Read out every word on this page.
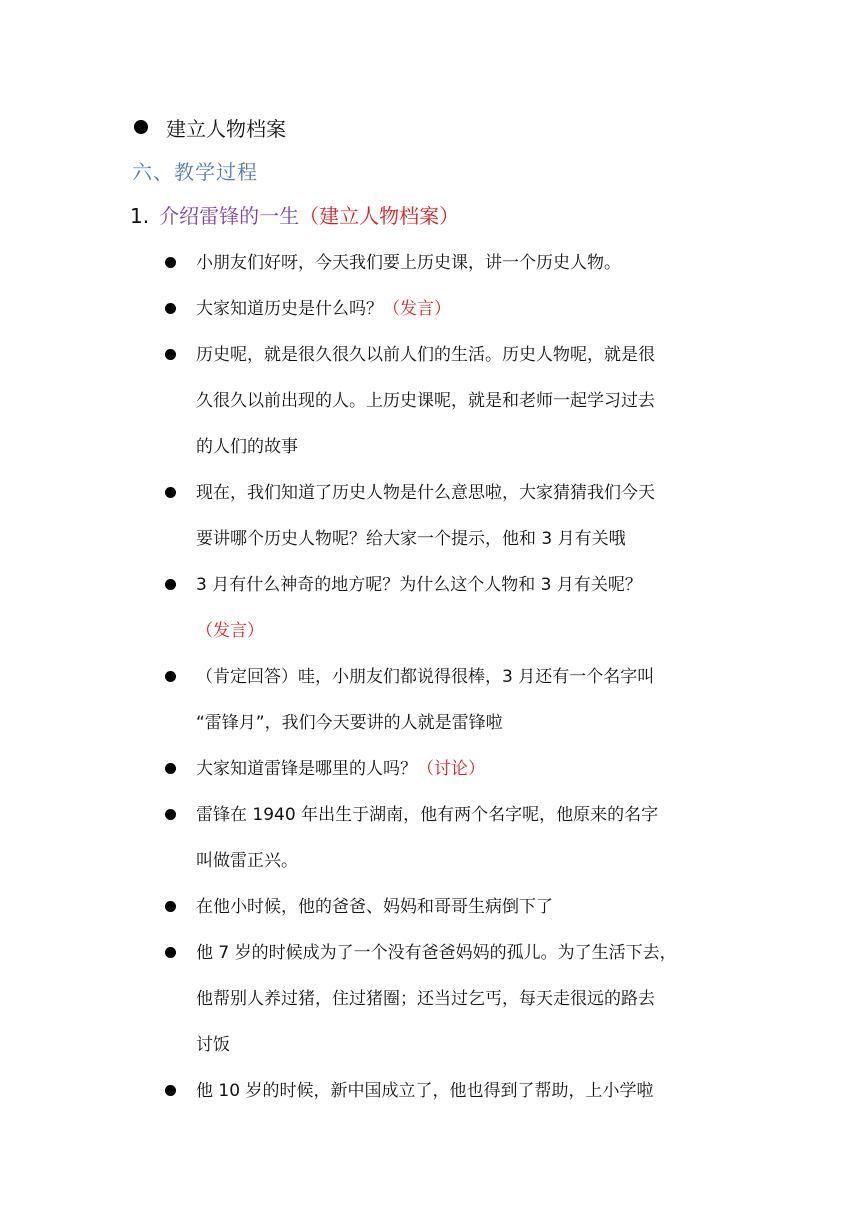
建立人物档案
六、教学过程
1. 介绍雷锋的一生 （建立人物档案）
小朋友们好呀，今天我们要上历史课，讲一个历史人物。
大家知道历史是什么吗？（发言）
历史呢，就是很久很久以前人们的生活。历史人物呢，就是很
久很久以前出现的人。上历史课呢，就是和老师一起学习过去
的人们的故事
现在，我们知道了历史人物是什么意思啦，大家猜猜我们今天
要讲哪个历史人物呢？给大家一个提示，他和 3 月有关哦
3 月有什么神奇的地方呢？为什么这个人物和 3 月有关呢？
（发言）
（肯定回答）哇，小朋友们都说得很棒，3 月还有一个名字叫
“雷锋月”，我们今天要讲的人就是雷锋啦
大家知道雷锋是哪里的人吗？（讨论）
雷锋在 1940 年出生于湖南，他有两个名字呢，他原来的名字
叫做雷正兴。
在他小时候，他的爸爸、妈妈和哥哥生病倒下了
他 7 岁的时候成为了一个没有爸爸妈妈的孤儿。为了生活下去，
他帮别人养过猪，住过猪圈；还当过乞丐，每天走很远的路去
讨饭
他 10 岁的时候，新中国成立了，他也得到了帮助，上小学啦
